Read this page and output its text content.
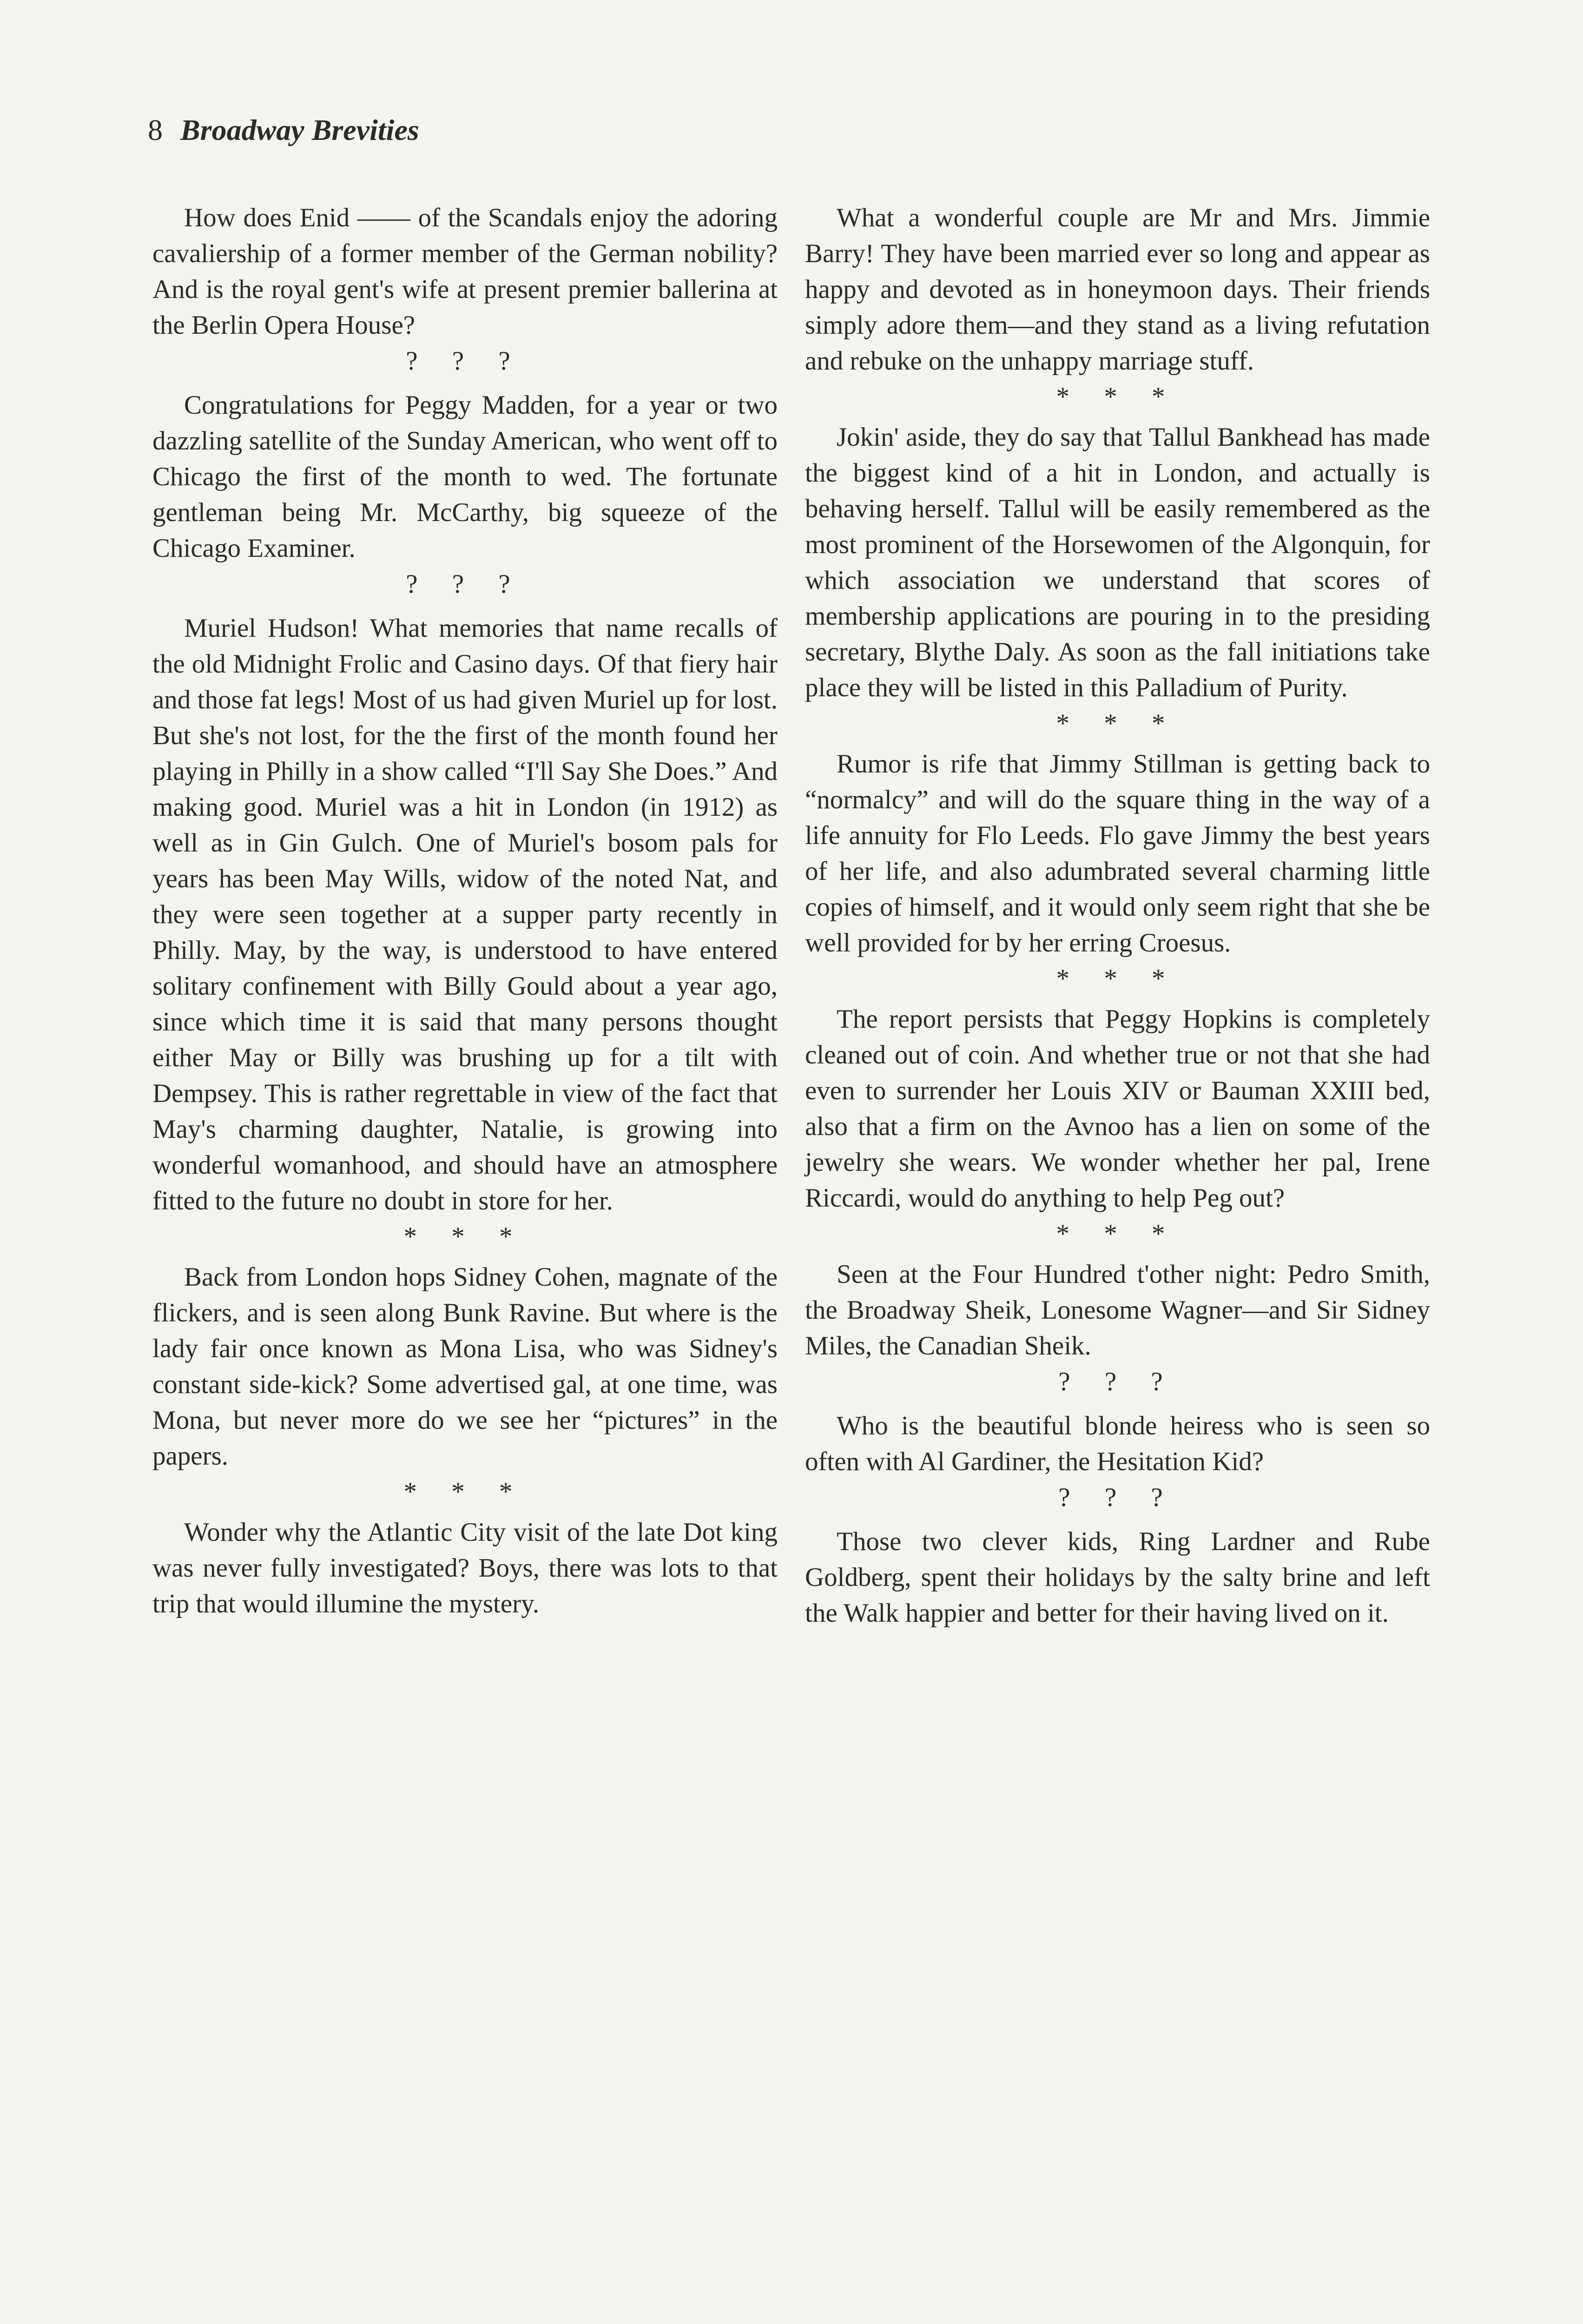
8 Broadway Brevities

How does Enid —— of the Scandals enjoy the adoring cavaliership of a former member of the German nobility? And is the royal gent's wife at present premier ballerina at the Berlin Opera House?

? ? ?

Congratulations for Peggy Madden, for a year or two dazzling satellite of the Sunday American, who went off to Chicago the first of the month to wed. The fortunate gentleman being Mr. McCarthy, big squeeze of the Chicago Examiner.

? ? ?

Muriel Hudson! What memories that name recalls of the old Midnight Frolic and Casino days. Of that fiery hair and those fat legs! Most of us had given Muriel up for lost. But she's not lost, for the the first of the month found her playing in Philly in a show called “I'll Say She Does.” And making good. Muriel was a hit in London (in 1912) as well as in Gin Gulch. One of Muriel's bosom pals for years has been May Wills, widow of the noted Nat, and they were seen together at a supper party recently in Philly. May, by the way, is understood to have entered solitary confinement with Billy Gould about a year ago, since which time it is said that many persons thought either May or Billy was brushing up for a tilt with Dempsey. This is rather regrettable in view of the fact that May's charming daughter, Natalie, is growing into wonderful womanhood, and should have an atmosphere fitted to the future no doubt in store for her.

* * *

Back from London hops Sidney Cohen, magnate of the flickers, and is seen along Bunk Ravine. But where is the lady fair once known as Mona Lisa, who was Sidney's constant side-kick? Some advertised gal, at one time, was Mona, but never more do we see her “pictures” in the papers.

* * *

Wonder why the Atlantic City visit of the late Dot king was never fully investigated? Boys, there was lots to that trip that would illumine the mystery.

What a wonderful couple are Mr and Mrs. Jimmie Barry! They have been married ever so long and appear as happy and devoted as in honeymoon days. Their friends simply adore them—and they stand as a living refutation and rebuke on the unhappy marriage stuff.

* * *

Jokin' aside, they do say that Tallul Bankhead has made the biggest kind of a hit in London, and actually is behaving herself. Tallul will be easily remembered as the most prominent of the Horsewomen of the Algonquin, for which association we understand that scores of membership applications are pouring in to the presiding secretary, Blythe Daly. As soon as the fall initiations take place they will be listed in this Palladium of Purity.

* * *

Rumor is rife that Jimmy Stillman is getting back to “normalcy” and will do the square thing in the way of a life annuity for Flo Leeds. Flo gave Jimmy the best years of her life, and also adumbrated several charming little copies of himself, and it would only seem right that she be well provided for by her erring Croesus.

* * *

The report persists that Peggy Hopkins is completely cleaned out of coin. And whether true or not that she had even to surrender her Louis XIV or Bauman XXIII bed, also that a firm on the Avnoo has a lien on some of the jewelry she wears. We wonder whether her pal, Irene Riccardi, would do anything to help Peg out?

* * *

Seen at the Four Hundred t'other night: Pedro Smith, the Broadway Sheik, Lonesome Wagner—and Sir Sidney Miles, the Canadian Sheik.

? ? ?

Who is the beautiful blonde heiress who is seen so often with Al Gardiner, the Hesitation Kid?

? ? ?

Those two clever kids, Ring Lardner and Rube Goldberg, spent their holidays by the salty brine and left the Walk happier and better for their having lived on it.
